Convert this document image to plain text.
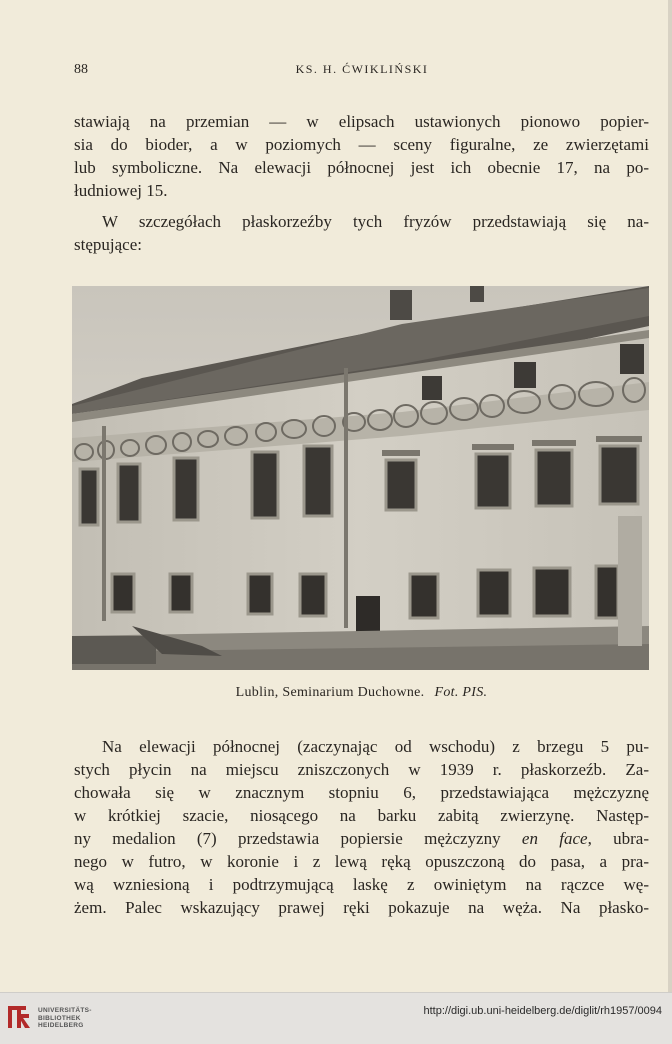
88	KS. H. ĆWIKLIŃSKI
stawiają na przemian — w elipsach ustawionych pionowo popier-
sia do bioder, a w poziomych — sceny figuralne, ze zwierzętami
lub symboliczne. Na elewacji północnej jest ich obecnie 17, na po-
łudniowej 15.
W szczegółach płaskorzeźby tych fryzów przedstawiają się na-
stępujące:
Lublin, Seminarium Duchowne. Fot. PIS.
Na elewacji północnej (zaczynając od wschodu) z brzegu 5 pu-
stych płycin na miejscu zniszczonych w 1939 r. płaskorzeźb. Za-
chowała się w znacznym stopniu 6, przedstawiająca mężczyznę
w krótkiej szacie, niosącego na barku zabitą zwierzynę. Następ-
ny medalion (7) przedstawia popiersie mężczyzny en face, ubra-
nego w futro, w koronie i z lewą ręką opuszczoną do pasa, a pra-
wą wzniesioną i podtrzymującą laskę z owiniętym na rączce wę-
żem. Palec wskazujący prawej ręki pokazuje na węża. Na płasko-
UNIVERSITÄTS-
BIBLIOTHEK
HEIDELBERG
http://digi.ub.uni-heidelberg.de/diglit/rh1957/0094
